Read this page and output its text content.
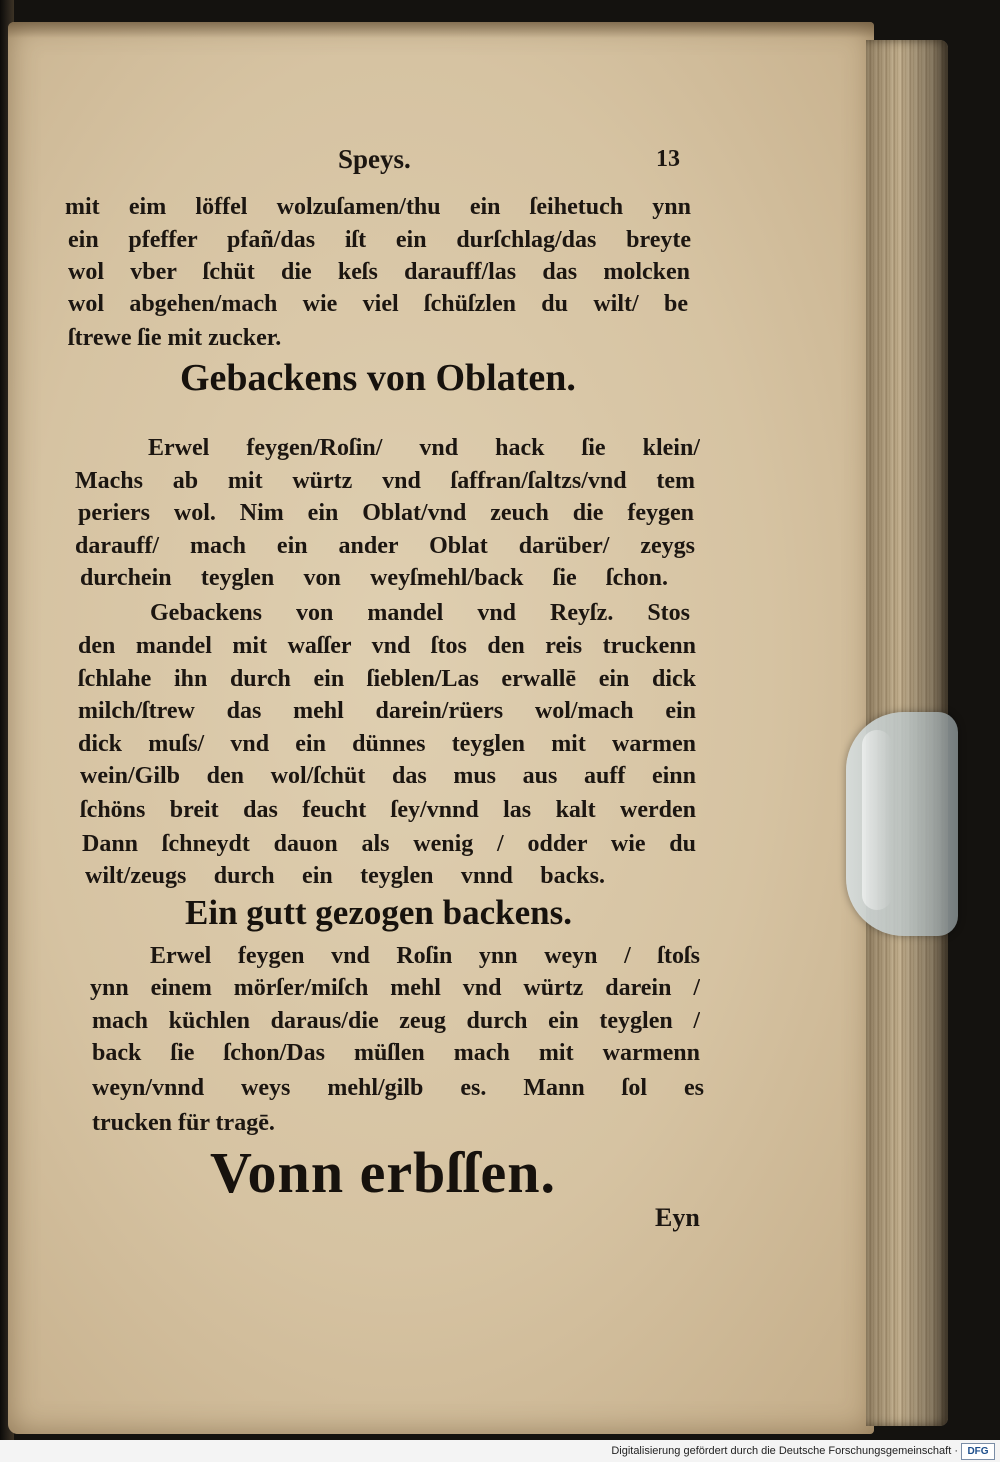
Speys.	13
mit eim löffel wolzuſamen/thu ein ſeihetuch ynn
ein pfeffer pfañ/das iſt ein durſchlag/das breyte
wol vber ſchüt die keſs darauff/las das molcken
wol abgehen/mach wie viel ſchüſzlen du wilt/ be
ſtrewe ſie mit zucker.
Gebackens von Oblaten.
Erwel feygen/Roſin/ vnd hack ſie klein/
Machs ab mit würtz vnd ſaffran/ſaltzs/vnd tem
periers wol. Nim ein Oblat/vnd zeuch die feygen
darauff/ mach ein ander Oblat darüber/ zeygs
durchein teyglen von weyſmehl/back ſie ſchon.
Gebackens von mandel vnd Reyſz. Stos
den mandel mit waſſer vnd ſtos den reis truckenn
ſchlahe ihn durch ein ſieblen/Las erwallē ein dick
milch/ſtrew das mehl darein/rüers wol/mach ein
dick muſs/ vnd ein dünnes teyglen mit warmen
wein/Gilb den wol/ſchüt das mus aus auff einn
ſchöns breit das feucht ſey/vnnd las kalt werden
Dann ſchneydt dauon als wenig / odder wie du
wilt/zeugs durch ein teyglen vnnd backs.
Ein gutt gezogen backens.
Erwel feygen vnd Roſin ynn weyn / ſtoſs
ynn einem mörſer/miſch mehl vnd würtz darein /
mach küchlen daraus/die zeug durch ein teyglen /
back ſie ſchon/Das müſlen mach mit warmenn
weyn/vnnd weys mehl/gilb es. Mann ſol es
trucken für tragē.
Vonn erbſſen.
Eyn
Digitalisierung gefördert durch die Deutsche Forschungsgemeinschaft · DFG
